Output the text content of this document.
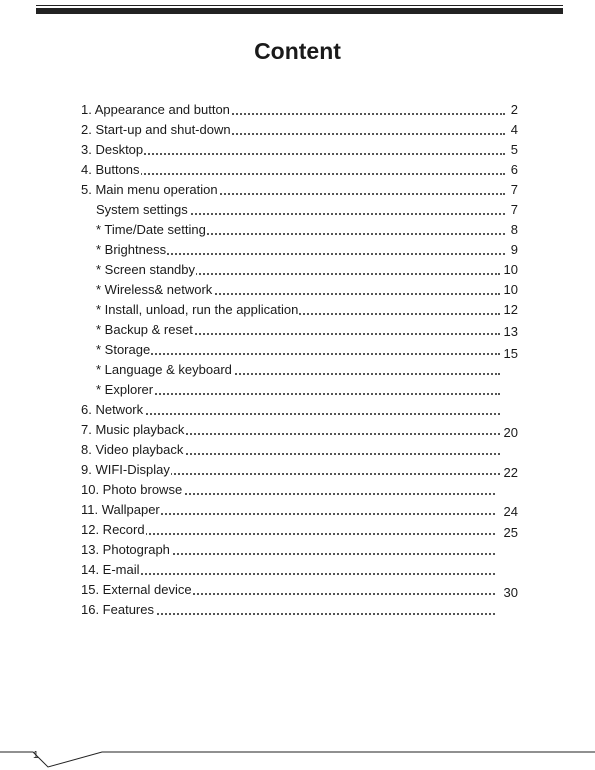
Content
1. Appearance and button	2
2. Start-up and shut-down	4
3. Desktop	5
4. Buttons	6
5. Main menu operation	7
System settings	7
* Time/Date setting	8
* Brightness	9
* Screen standby	10
* Wireless& network	10
* Install, unload, run the application	12
* Backup & reset	13
* Storage	15
* Language & keyboard
* Explorer
6. Network
7. Music playback	20
8. Video playback
9. WIFI-Display	22
10. Photo browse
11. Wallpaper	24
12. Record	25
13. Photograph
14. E-mail
15. External device	30
16. Features
1
